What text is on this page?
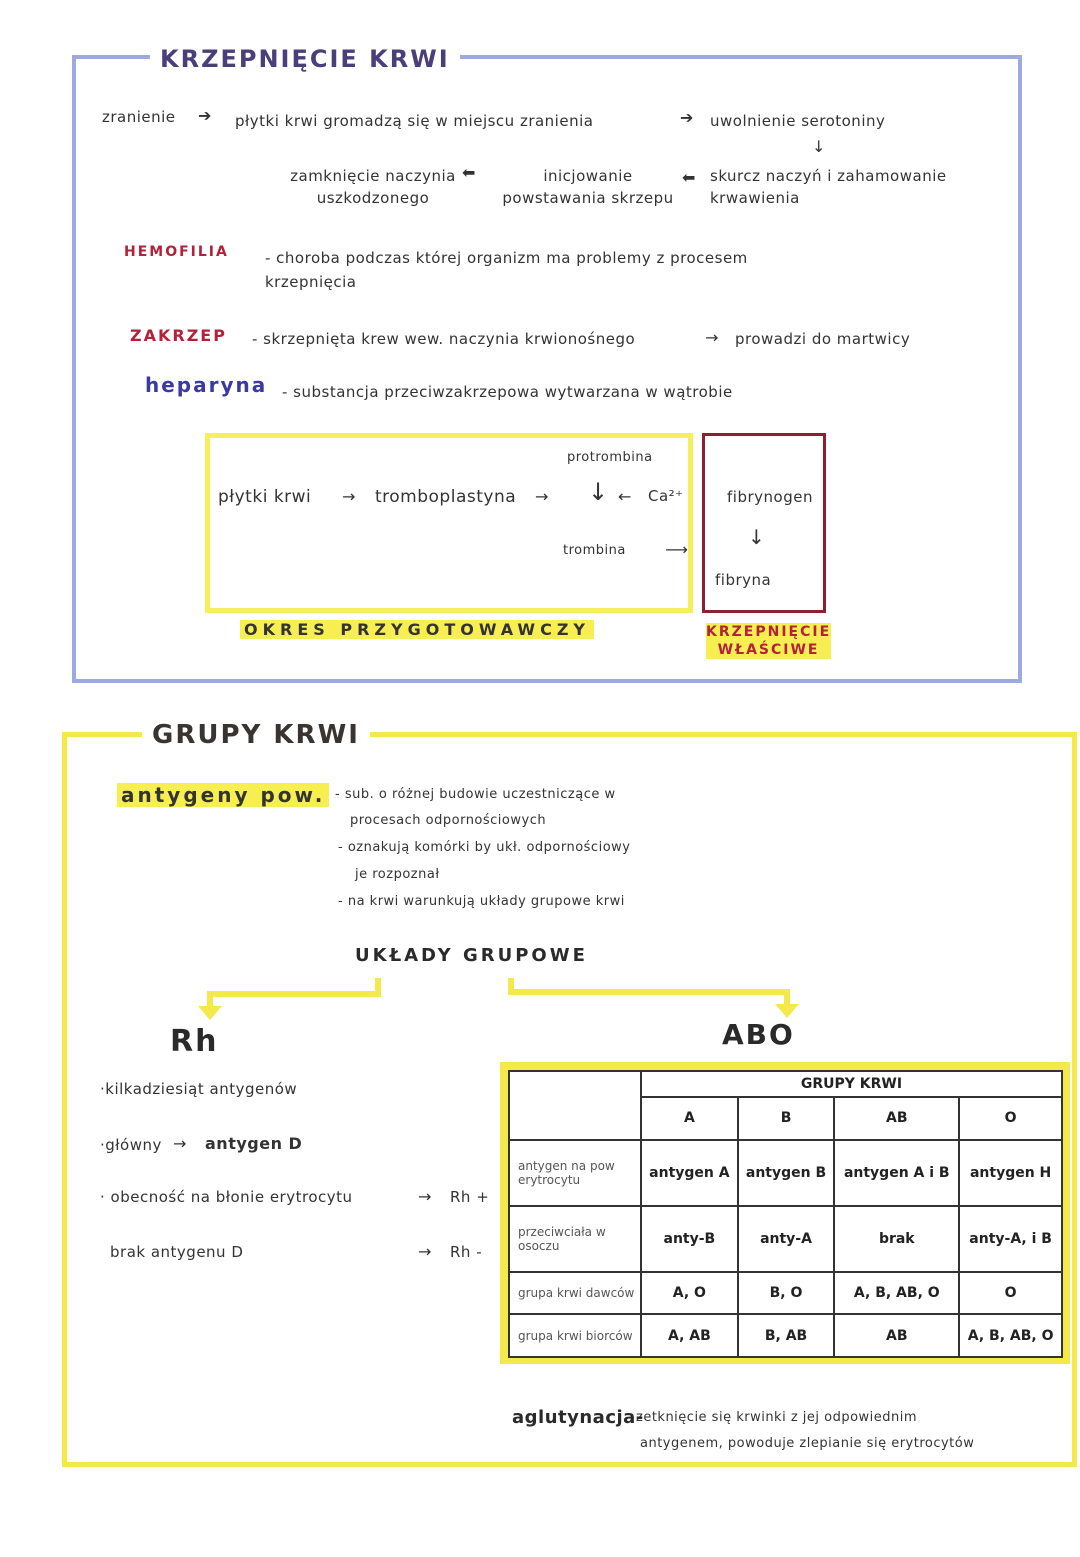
KRZEPNIĘCIE KRWI
zranienie ➔ płytki krwi gromadzą się w miejscu zranienia	➔ uwolnienie serotoniny
↓
skurcz naczyń i zahamowanie krwawienia
⬅
inicjowanie powstawania skrzepu
⬅
zamknięcie naczynia uszkodzonego
HEMOFILIA - choroba podczas której organizm ma problemy z procesem krzepnięcia
ZAKRZEP - skrzepnięta krew wew. naczynia krwionośnego	→ prowadzi do martwicy
heparyna - substancja przeciwzakrzepowa wytwarzana w wątrobie
płytki krwi → tromboplastyna →
protrombina
↓ ← Ca²⁺
trombina ⟶
fibrynogen
↓
fibryna
OKRES PRZYGOTOWAWCZY	KRZEPNIĘCIE
WŁAŚCIWE
GRUPY KRWI
antygeny pow. - sub. o różnej budowie uczestniczące w
procesach odpornościowych
- oznakują komórki by ukł. odpornościowy
je rozpoznał
- na krwi warunkują układy grupowe krwi
UKŁADY GRUPOWE
Rh
·kilkadziesiąt antygenów
·główny → antygen D
· obecność na błonie erytrocytu	→ Rh +
brak antygenu D	→ Rh -
ABO
	GRUPY KRWI			
	A	B	AB	O
antygen na pow erytrocytu	antygen A	antygen B	antygen A i B	antygen H
przeciwciała w osoczu	anty-B	anty-A	brak	anty-A, i B
grupa krwi dawców	A, O	B, O	A, B, AB, O	O
grupa krwi biorców	A, AB	B, AB	AB	A, B, AB, O
aglutynacja-
zetknięcie się krwinki z jej odpowiednim
antygenem, powoduje zlepianie się erytrocytów
